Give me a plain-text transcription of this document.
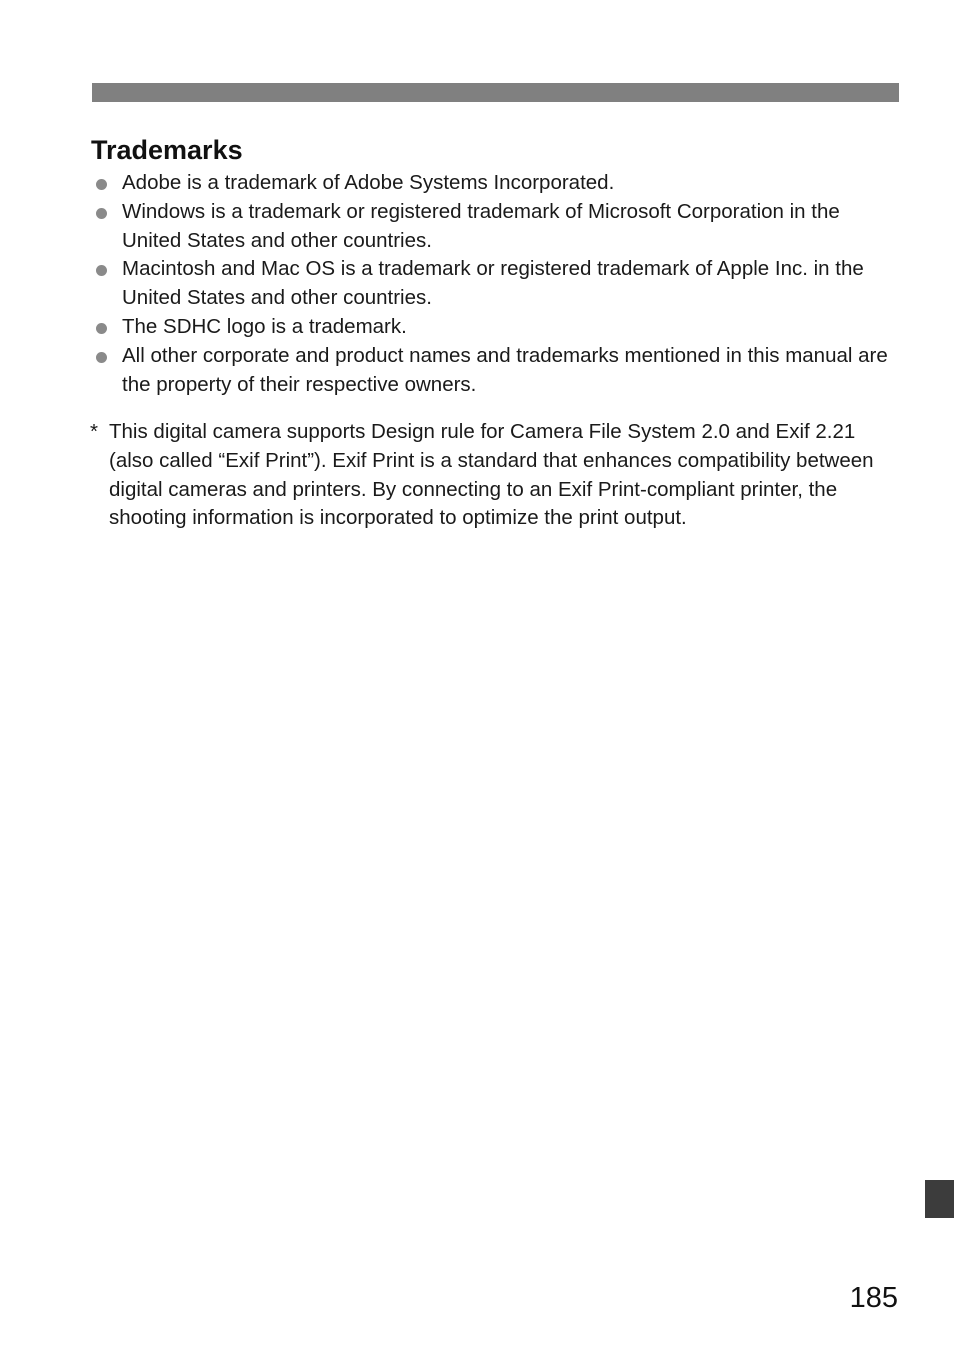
Trademarks
Adobe is a trademark of Adobe Systems Incorporated.
Windows is a trademark or registered trademark of Microsoft Corporation in the United States and other countries.
Macintosh and Mac OS is a trademark or registered trademark of Apple Inc. in the United States and other countries.
The SDHC logo is a trademark.
All other corporate and product names and trademarks mentioned in this manual are the property of their respective owners.
* This digital camera supports Design rule for Camera File System 2.0 and Exif 2.21 (also called “Exif Print”). Exif Print is a standard that enhances compatibility between digital cameras and printers. By connecting to an Exif Print-compliant printer, the shooting information is incorporated to optimize the print output.
185
